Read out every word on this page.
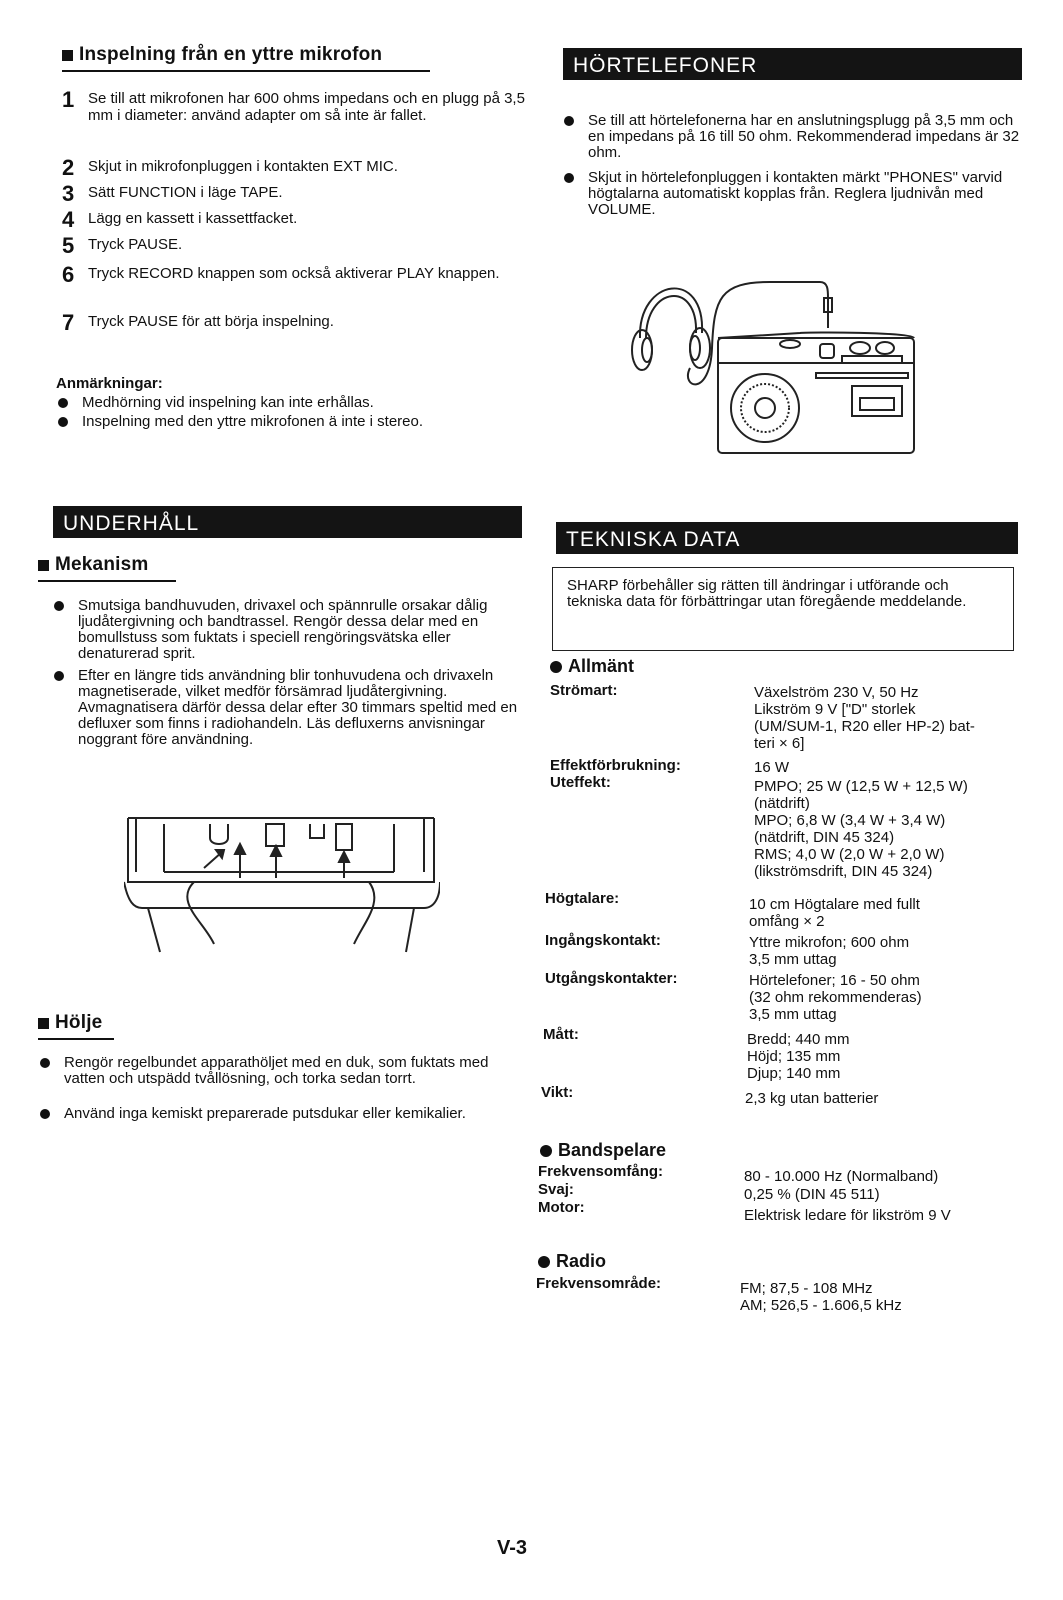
Inspelning från en yttre mikrofon
1 Se till att mikrofonen har 600 ohms impedans och en plugg på 3,5 mm i diameter: använd adapter om så inte är fallet.
2 Skjut in mikrofonpluggen i kontakten EXT MIC.
3 Sätt FUNCTION i läge TAPE.
4 Lägg en kassett i kassettfacket.
5 Tryck PAUSE.
6 Tryck RECORD knappen som också aktiverar PLAY knappen.
7 Tryck PAUSE för att börja inspelning.
Anmärkningar:
Medhörning vid inspelning kan inte erhållas.
Inspelning med den yttre mikrofonen ä inte i stereo.
HÖRTELEFONER
Se till att hörtelefonerna har en anslutningsplugg på 3,5 mm och en impedans på 16 till 50 ohm. Rekommenderad impedans är 32 ohm.
Skjut in hörtelefonpluggen i kontakten märkt "PHONES" varvid högtalarna automatiskt kopplas från. Reglera ljudnivån med VOLUME.
UNDERHÅLL
Mekanism
Smutsiga bandhuvuden, drivaxel och spännrulle orsakar dålig ljudåtergivning och bandtrassel. Rengör dessa delar med en bomullstuss som fuktats i speciell rengöringsvätska eller denaturerad sprit.
Efter en längre tids användning blir tonhuvudena och drivaxeln magnetiserade, vilket medför försämrad ljudåtergivning. Avmagnatisera därför dessa delar efter 30 timmars speltid med en defluxer som finns i radiohandeln. Läs defluxerns anvisningar noggrant före användning.
Hölje
Rengör regelbundet apparathöljet med en duk, som fuktats med vatten och utspädd tvållösning, och torka sedan torrt.
Använd inga kemiskt preparerade putsdukar eller kemikalier.
TEKNISKA DATA
SHARP förbehåller sig rätten till ändringar i utförande och tekniska data för förbättringar utan föregående meddelande.
Allmänt
Strömart:	Växelström 230 V, 50 Hz
Likström 9 V ["D" storlek
(UM/SUM-1, R20 eller HP-2) bat-
teri × 6]
Effektförbrukning:	16 W
Uteffekt:	PMPO; 25 W (12,5 W + 12,5 W)
(nätdrift)
MPO; 6,8 W (3,4 W + 3,4 W)
(nätdrift, DIN 45 324)
RMS; 4,0 W (2,0 W + 2,0 W)
(likströmsdrift, DIN 45 324)
Högtalare:	10 cm Högtalare med fullt
omfång × 2
Ingångskontakt:	Yttre mikrofon; 600 ohm
3,5 mm uttag
Utgångskontakter:	Hörtelefoner; 16 - 50 ohm
(32 ohm rekommenderas)
3,5 mm uttag
Mått:	Bredd; 440 mm
Höjd; 135 mm
Djup; 140 mm
Vikt:	2,3 kg utan batterier
Bandspelare
Frekvensomfång:	80 - 10.000 Hz (Normalband)
Svaj:	0,25 % (DIN 45 511)
Motor:	Elektrisk ledare för likström 9 V
Radio
Frekvensområde:	FM; 87,5 - 108 MHz
AM; 526,5 - 1.606,5 kHz
V-3
